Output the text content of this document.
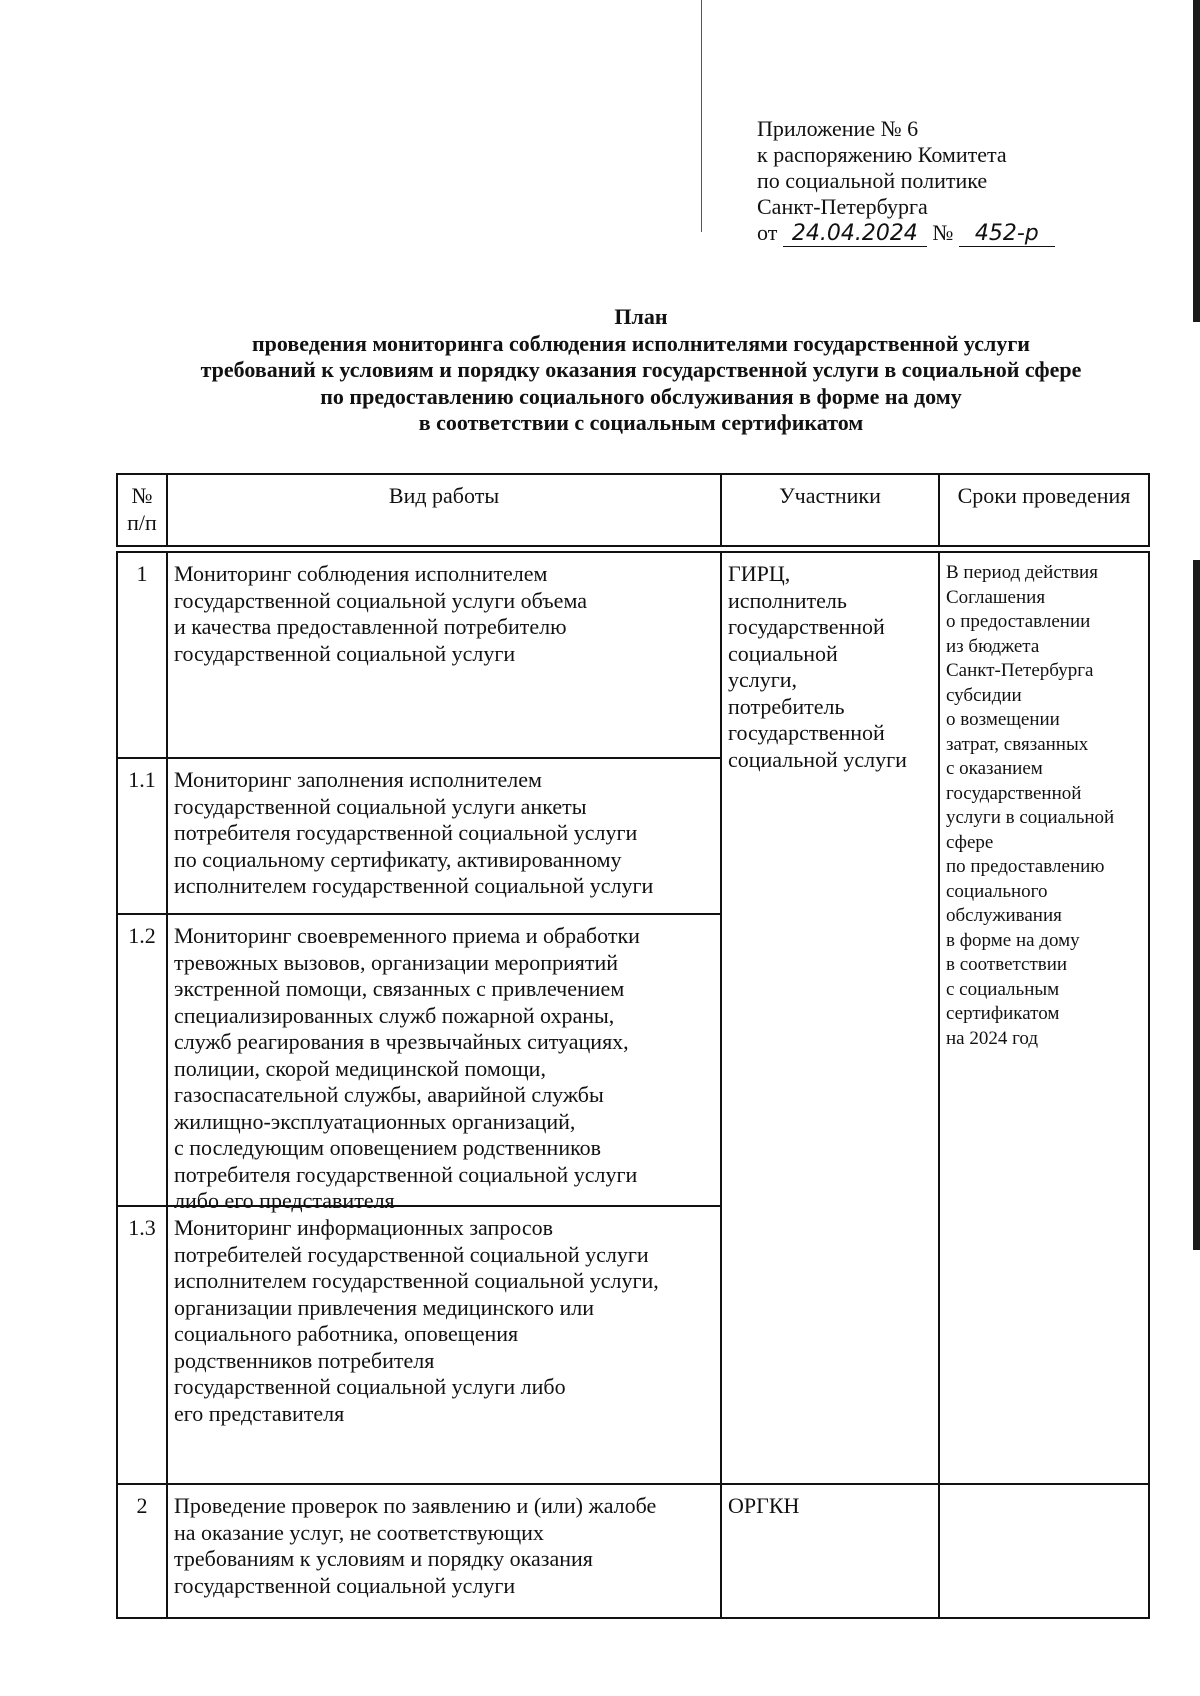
Приложение № 6
к распоряжению Комитета
по социальной политике
Санкт-Петербурга
от 24.04.2024 № 452-р
План
проведения мониторинга соблюдения исполнителями государственной услуги
требований к условиям и порядку оказания государственной услуги в социальной сфере
по предоставлению социального обслуживания в форме на дому
в соответствии с социальным сертификатом
№
п/п
Вид работы	Участники	Сроки проведения
1
1.1
1.2
1.3
2
Мониторинг соблюдения исполнителем
государственной социальной услуги объема
и качества предоставленной потребителю
государственной социальной услуги
Мониторинг заполнения исполнителем
государственной социальной услуги анкеты
потребителя государственной социальной услуги
по социальному сертификату, активированному
исполнителем государственной социальной услуги
Мониторинг своевременного приема и обработки
тревожных вызовов, организации мероприятий
экстренной помощи, связанных с привлечением
специализированных служб пожарной охраны,
служб реагирования в чрезвычайных ситуациях,
полиции, скорой медицинской помощи,
газоспасательной службы, аварийной службы
жилищно-эксплуатационных организаций,
с последующим оповещением родственников
потребителя государственной социальной услуги
либо его представителя
Мониторинг информационных запросов
потребителей государственной социальной услуги
исполнителем государственной социальной услуги,
организации привлечения медицинского или
социального работника, оповещения
родственников потребителя
государственной социальной услуги либо
его представителя
Проведение проверок по заявлению и (или) жалобе
на оказание услуг, не соответствующих
требованиям к условиям и порядку оказания
государственной социальной услуги
ГИРЦ,
исполнитель
государственной
социальной
услуги,
потребитель
государственной
социальной услуги
ОРГКН
В период действия
Соглашения
о предоставлении
из бюджета
Санкт-Петербурга
субсидии
о возмещении
затрат, связанных
с оказанием
государственной
услуги в социальной
сфере
по предоставлению
социального
обслуживания
в форме на дому
в соответствии
с социальным
сертификатом
на 2024 год
